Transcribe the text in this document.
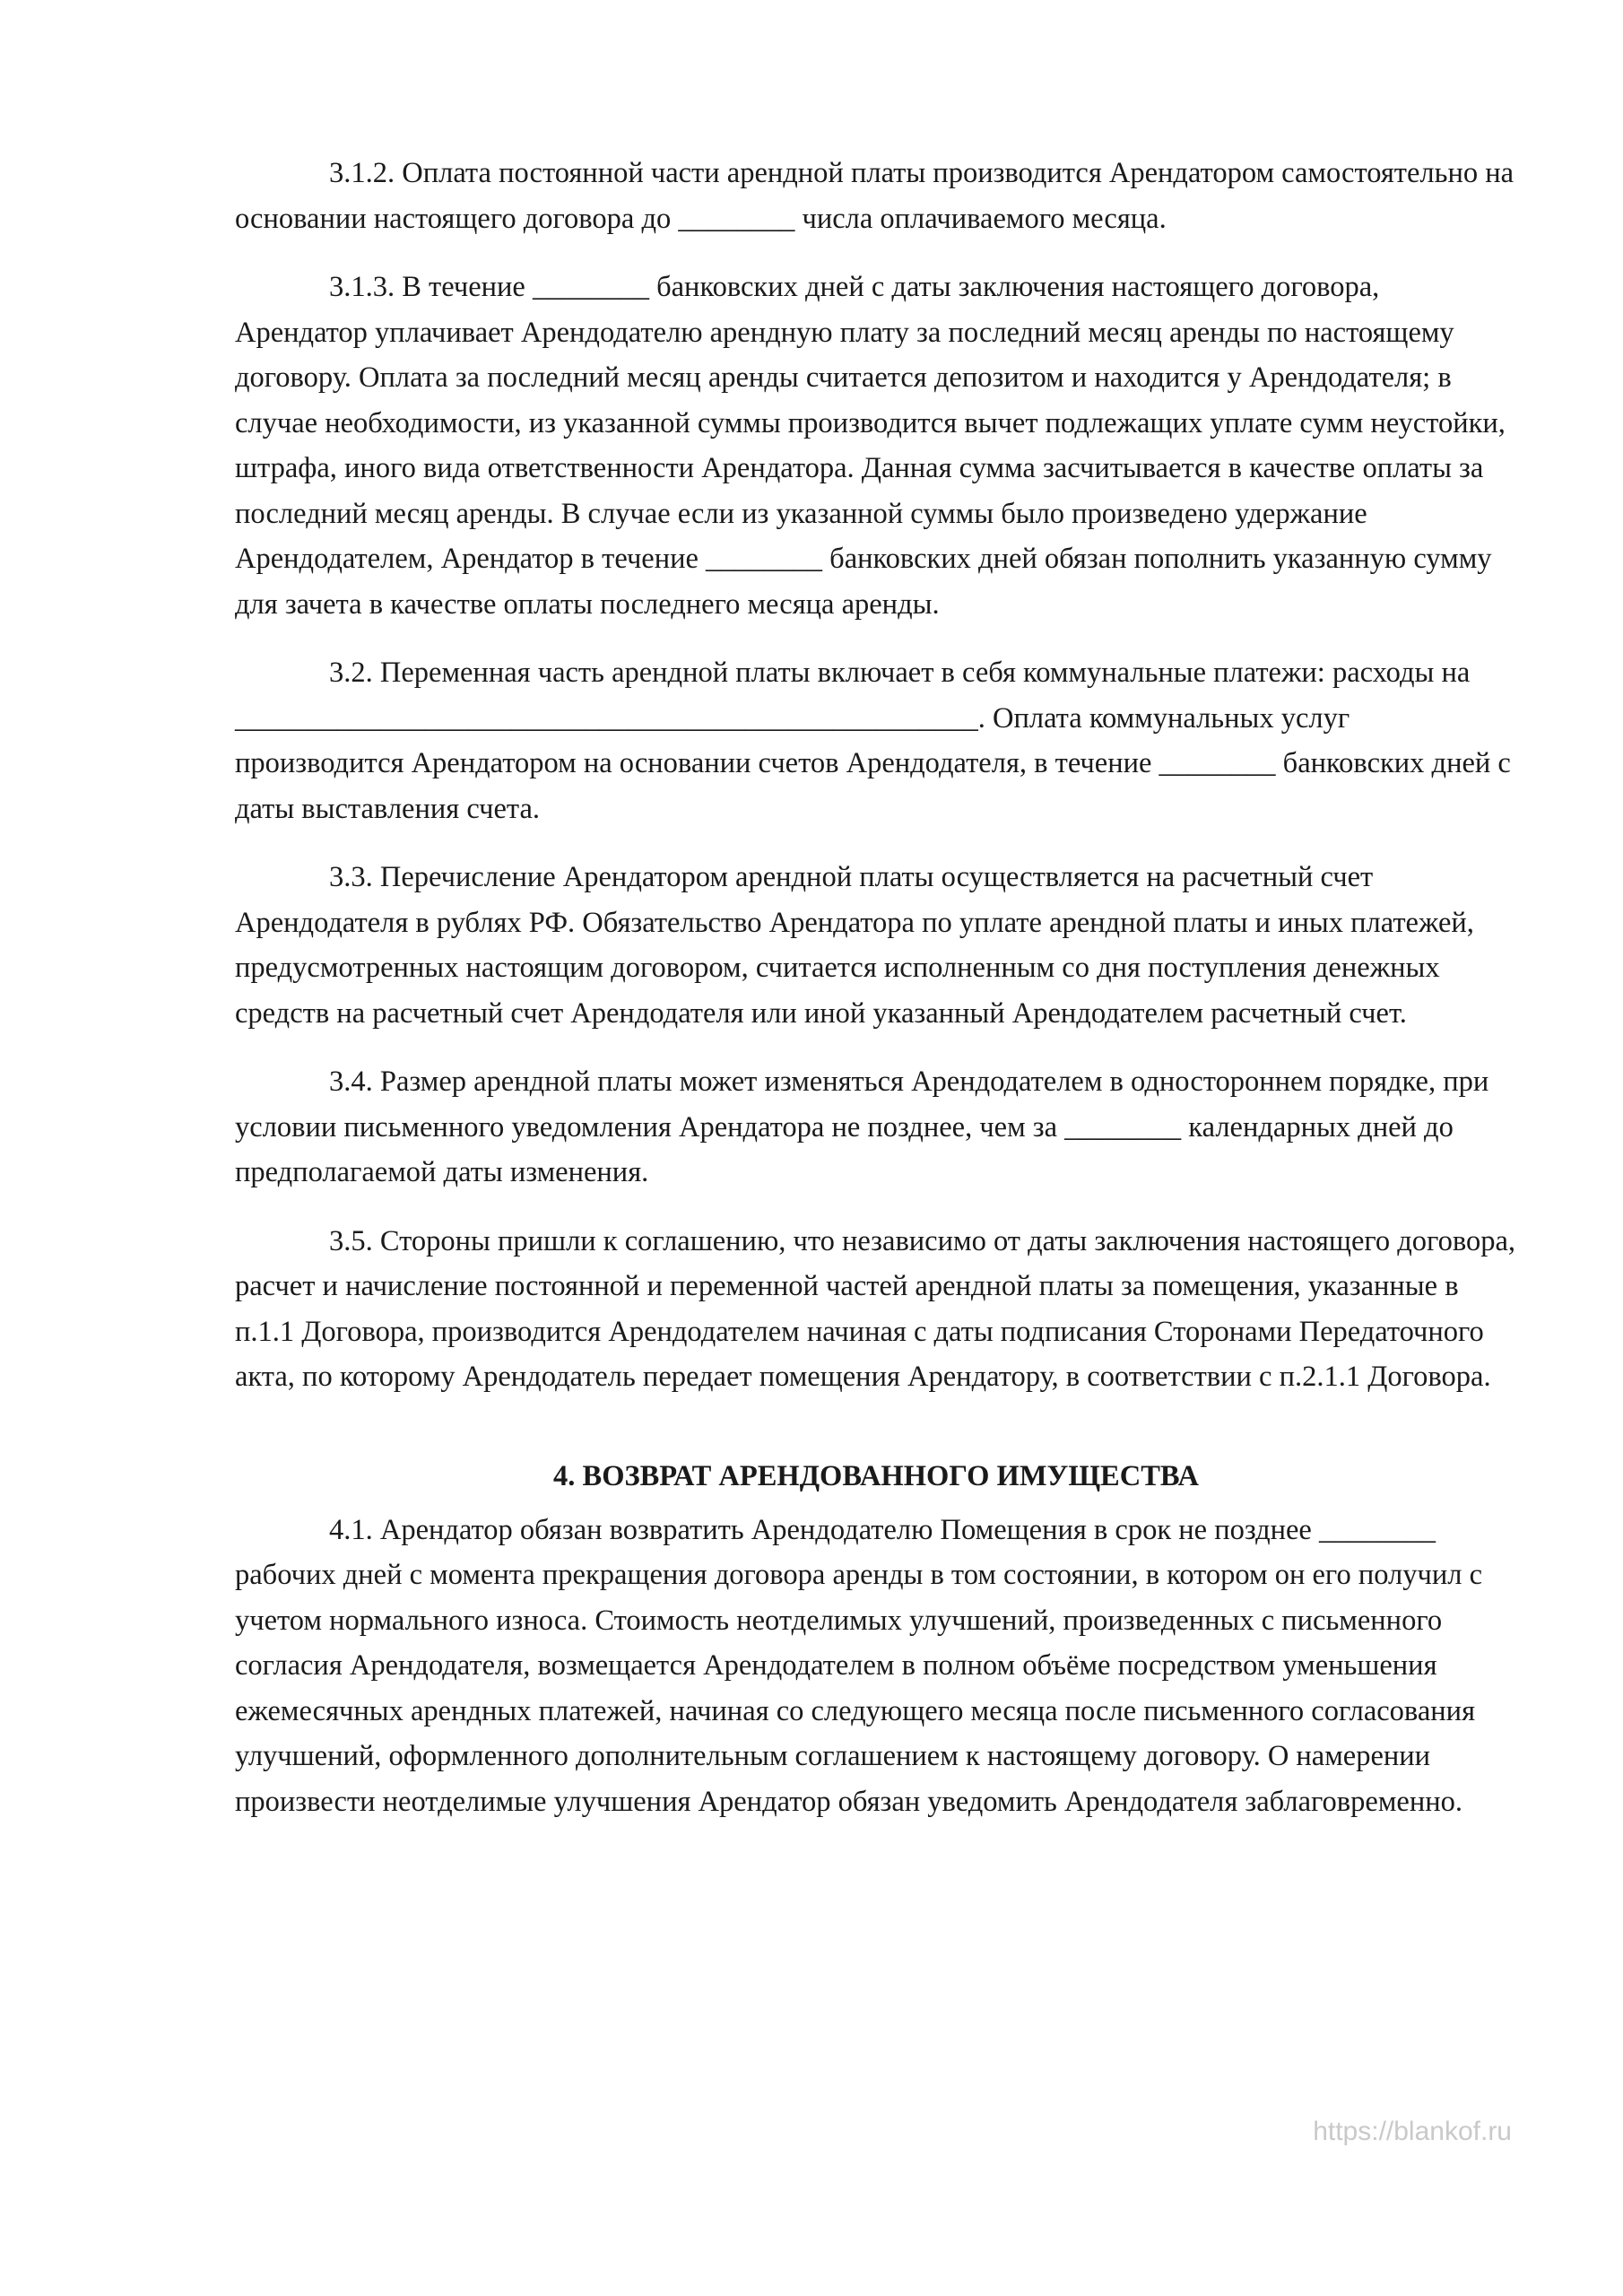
3.1.2. Оплата постоянной части арендной платы производится Арендатором самостоятельно на основании настоящего договора до ________ числа оплачиваемого месяца.

3.1.3. В течение ________ банковских дней с даты заключения настоящего договора, Арендатор уплачивает Арендодателю арендную плату за последний месяц аренды по настоящему договору. Оплата за последний месяц аренды считается депозитом и находится у Арендодателя; в случае необходимости, из указанной суммы производится вычет подлежащих уплате сумм неустойки, штрафа, иного вида ответственности Арендатора. Данная сумма засчитывается в качестве оплаты за последний месяц аренды. В случае если из указанной суммы было произведено удержание Арендодателем, Арендатор в течение ________ банковских дней обязан пополнить указанную сумму для зачета в качестве оплаты последнего месяца аренды.

3.2. Переменная часть арендной платы включает в себя коммунальные платежи: расходы на ___________________________________________________. Оплата коммунальных услуг производится Арендатором на основании счетов Арендодателя, в течение ________ банковских дней с даты выставления счета.

3.3. Перечисление Арендатором арендной платы осуществляется на расчетный счет Арендодателя в рублях РФ. Обязательство Арендатора по уплате арендной платы и иных платежей, предусмотренных настоящим договором, считается исполненным со дня поступления денежных средств на расчетный счет Арендодателя или иной указанный Арендодателем расчетный счет.

3.4. Размер арендной платы может изменяться Арендодателем в одностороннем порядке, при условии письменного уведомления Арендатора не позднее, чем за ________ календарных дней до предполагаемой даты изменения.

3.5. Стороны пришли к соглашению, что независимо от даты заключения настоящего договора, расчет и начисление постоянной и переменной частей арендной платы за помещения, указанные в п.1.1 Договора, производится Арендодателем начиная с даты подписания Сторонами Передаточного акта, по которому Арендодатель передает помещения Арендатору, в соответствии с п.2.1.1 Договора.

4. ВОЗВРАТ АРЕНДОВАННОГО ИМУЩЕСТВА

4.1. Арендатор обязан возвратить Арендодателю Помещения в срок не позднее ________ рабочих дней с момента прекращения договора аренды в том состоянии, в котором он его получил с учетом нормального износа. Стоимость неотделимых улучшений, произведенных с письменного согласия Арендодателя, возмещается Арендодателем в полном объёме посредством уменьшения ежемесячных арендных платежей, начиная со следующего месяца после письменного согласования улучшений, оформленного дополнительным соглашением к настоящему договору. О намерении произвести неотделимые улучшения Арендатор обязан уведомить Арендодателя заблаговременно.

https://blankof.ru
